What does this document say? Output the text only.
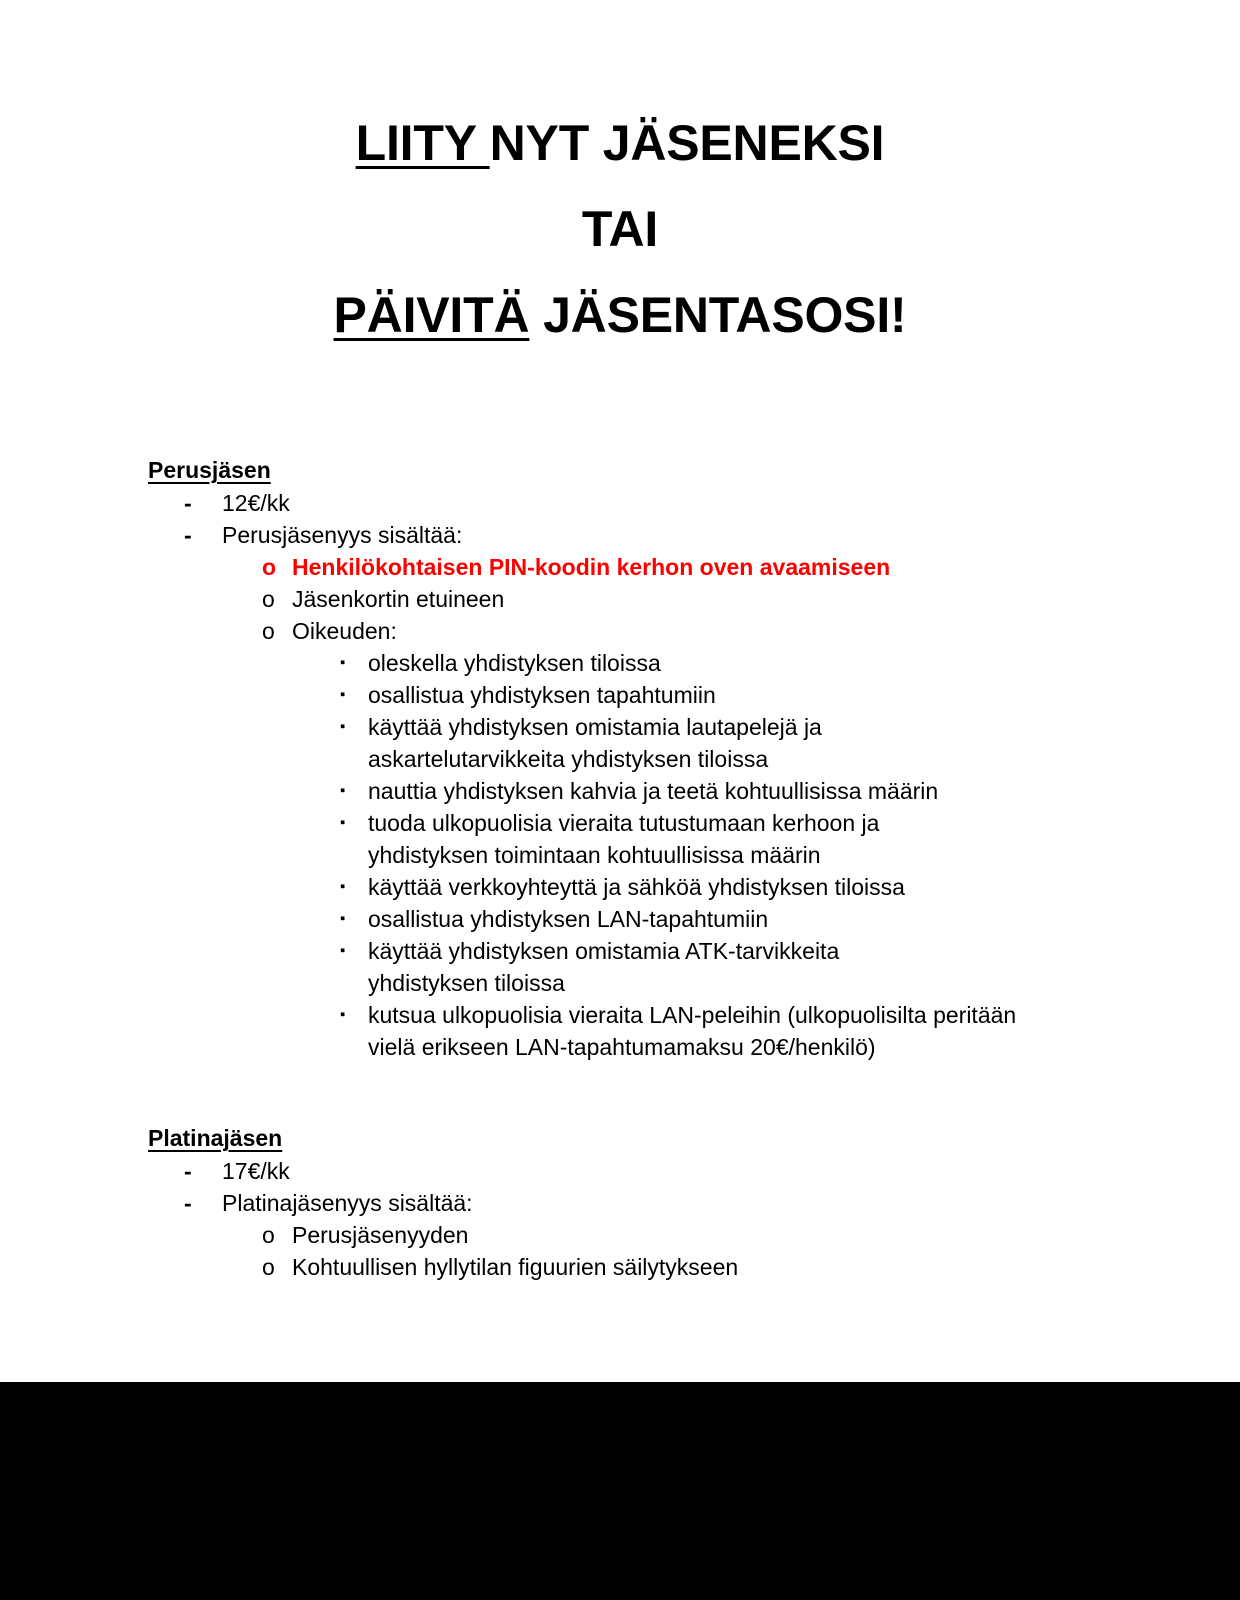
LIITY NYT JÄSENEKSI
TAI
PÄIVITÄ JÄSENTASOSI!
Perusjäsen
- 12€/kk
- Perusjäsenyys sisältää:
o Henkilökohtaisen PIN-koodin kerhon oven avaamiseen
o Jäsenkortin etuineen
o Oikeuden:
▪ oleskella yhdistyksen tiloissa
▪ osallistua yhdistyksen tapahtumiin
▪ käyttää yhdistyksen omistamia lautapelejä ja askartelutarvikkeita yhdistyksen tiloissa
▪ nauttia yhdistyksen kahvia ja teetä kohtuullisissa määrin
▪ tuoda ulkopuolisia vieraita tutustumaan kerhoon ja yhdistyksen toimintaan kohtuullisissa määrin
▪ käyttää verkkoyhteyttä ja sähköä yhdistyksen tiloissa
▪ osallistua yhdistyksen LAN-tapahtumiin
▪ käyttää yhdistyksen omistamia ATK-tarvikkeita yhdistyksen tiloissa
▪ kutsua ulkopuolisia vieraita LAN-peleihin (ulkopuolisilta peritään vielä erikseen LAN-tapahtumamaksu 20€/henkilö)
Platinajäsen
- 17€/kk
- Platinajäsenyys sisältää:
o Perusjäsenyyden
o Kohtuullisen hyllytilan figuurien säilytykseen
